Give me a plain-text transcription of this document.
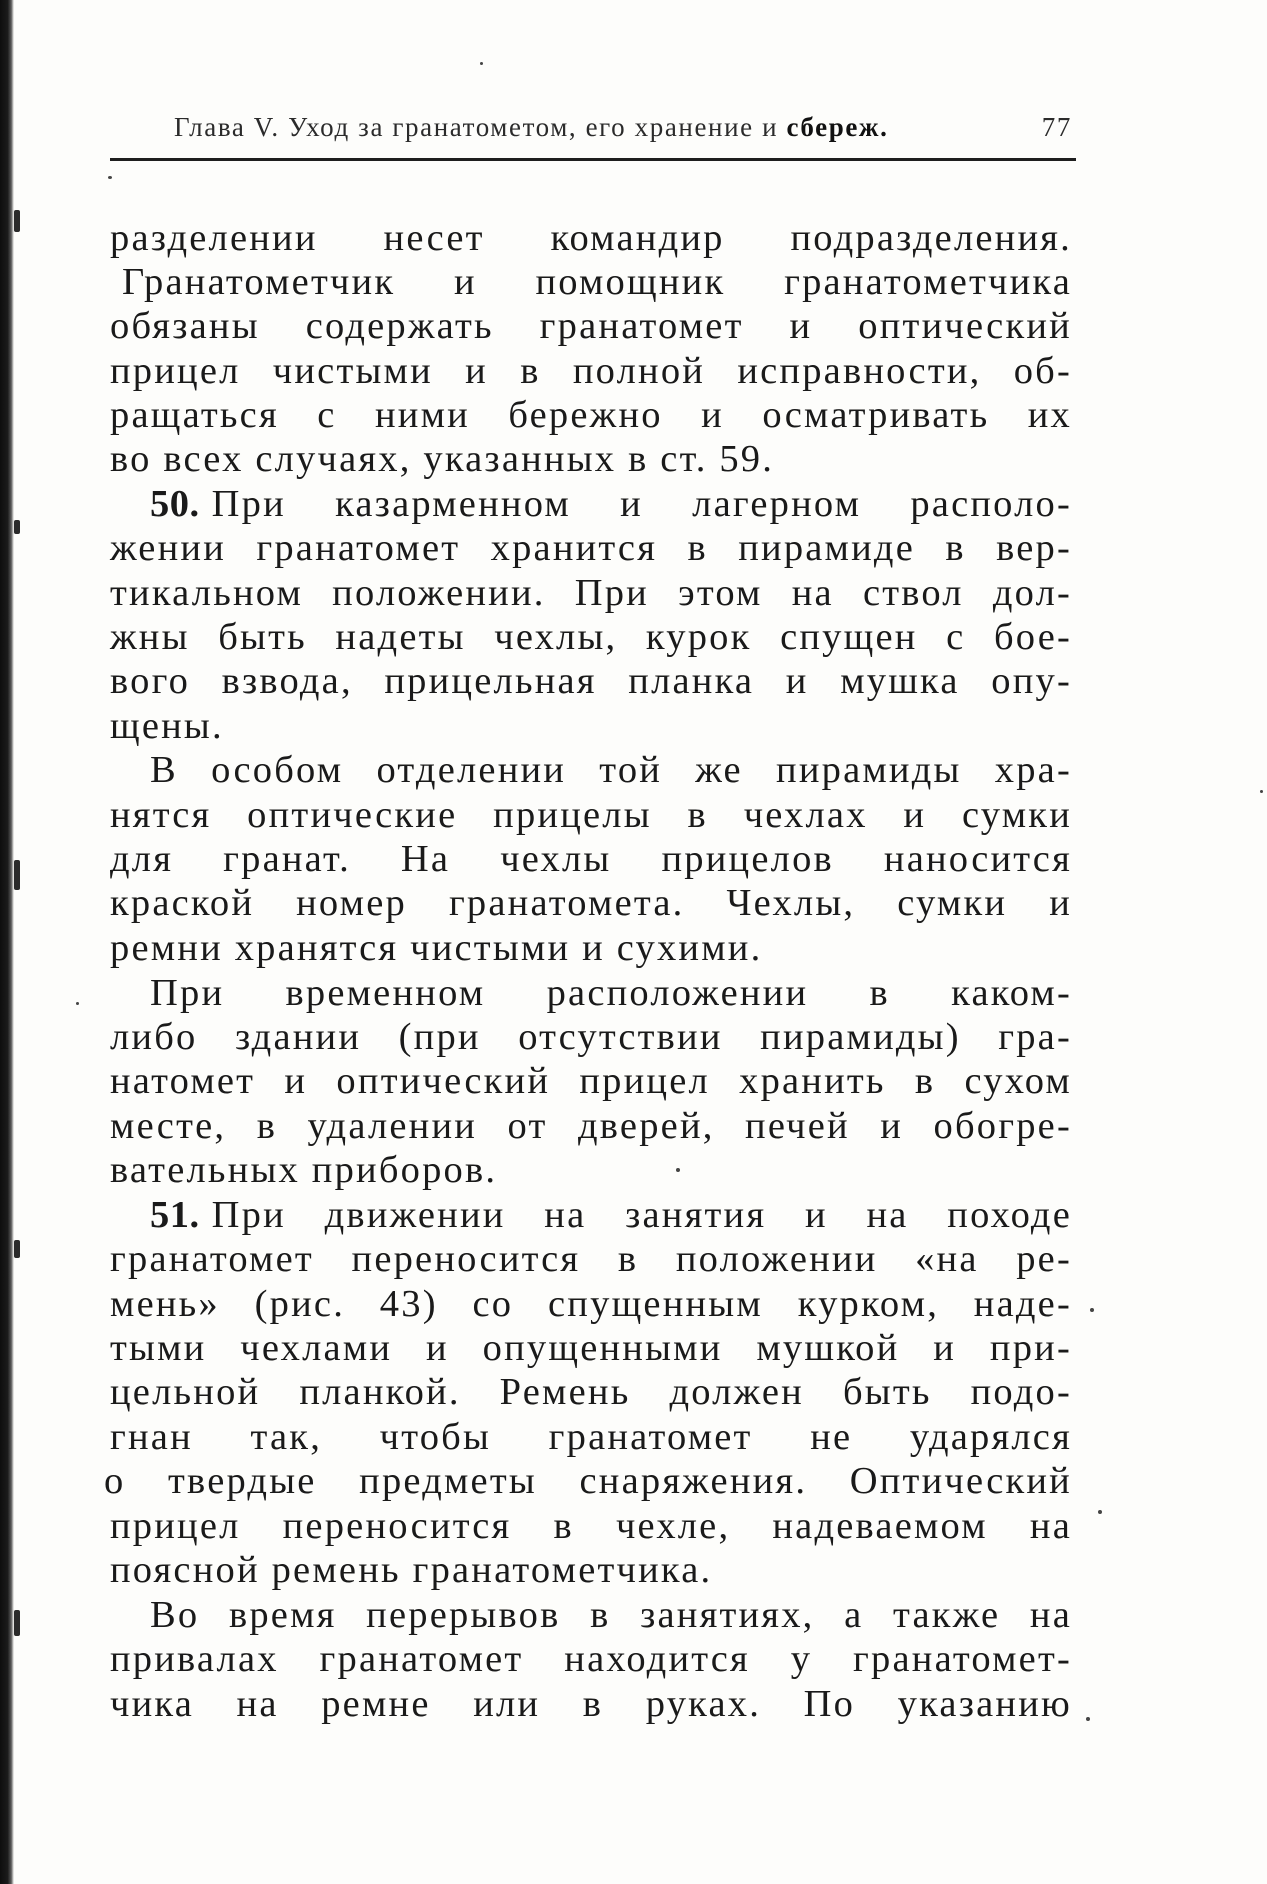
Глава V. Уход за гранатометом, его хранение и сбереж.	77
разделении несет командир подразделения.
Гранатометчик и помощник гранатометчика
обязаны содержать гранатомет и оптический
прицел чистыми и в полной исправности, об-
ращаться с ними бережно и осматривать их
во всех случаях, указанных в ст. 59.
50. При казарменном и лагерном располо-
жении гранатомет хранится в пирамиде в вер-
тикальном положении. При этом на ствол дол-
жны быть надеты чехлы, курок спущен с бое-
вого взвода, прицельная планка и мушка опу-
щены.
В особом отделении той же пирамиды хра-
нятся оптические прицелы в чехлах и сумки
для гранат. На чехлы прицелов наносится
краской номер гранатомета. Чехлы, сумки и
ремни хранятся чистыми и сухими.
При временном расположении в каком-
либо здании (при отсутствии пирамиды) гра-
натомет и оптический прицел хранить в сухом
месте, в удалении от дверей, печей и обогре-
вательных приборов.
51. При движении на занятия и на походе
гранатомет переносится в положении «на ре-
мень» (рис. 43) со спущенным курком, наде-
тыми чехлами и опущенными мушкой и при-
цельной планкой. Ремень должен быть подо-
гнан так, чтобы гранатомет не ударялся
о твердые предметы снаряжения. Оптический
прицел переносится в чехле, надеваемом на
поясной ремень гранатометчика.
Во время перерывов в занятиях, а также на
привалах гранатомет находится у гранатомет-
чика на ремне или в руках. По указанию
